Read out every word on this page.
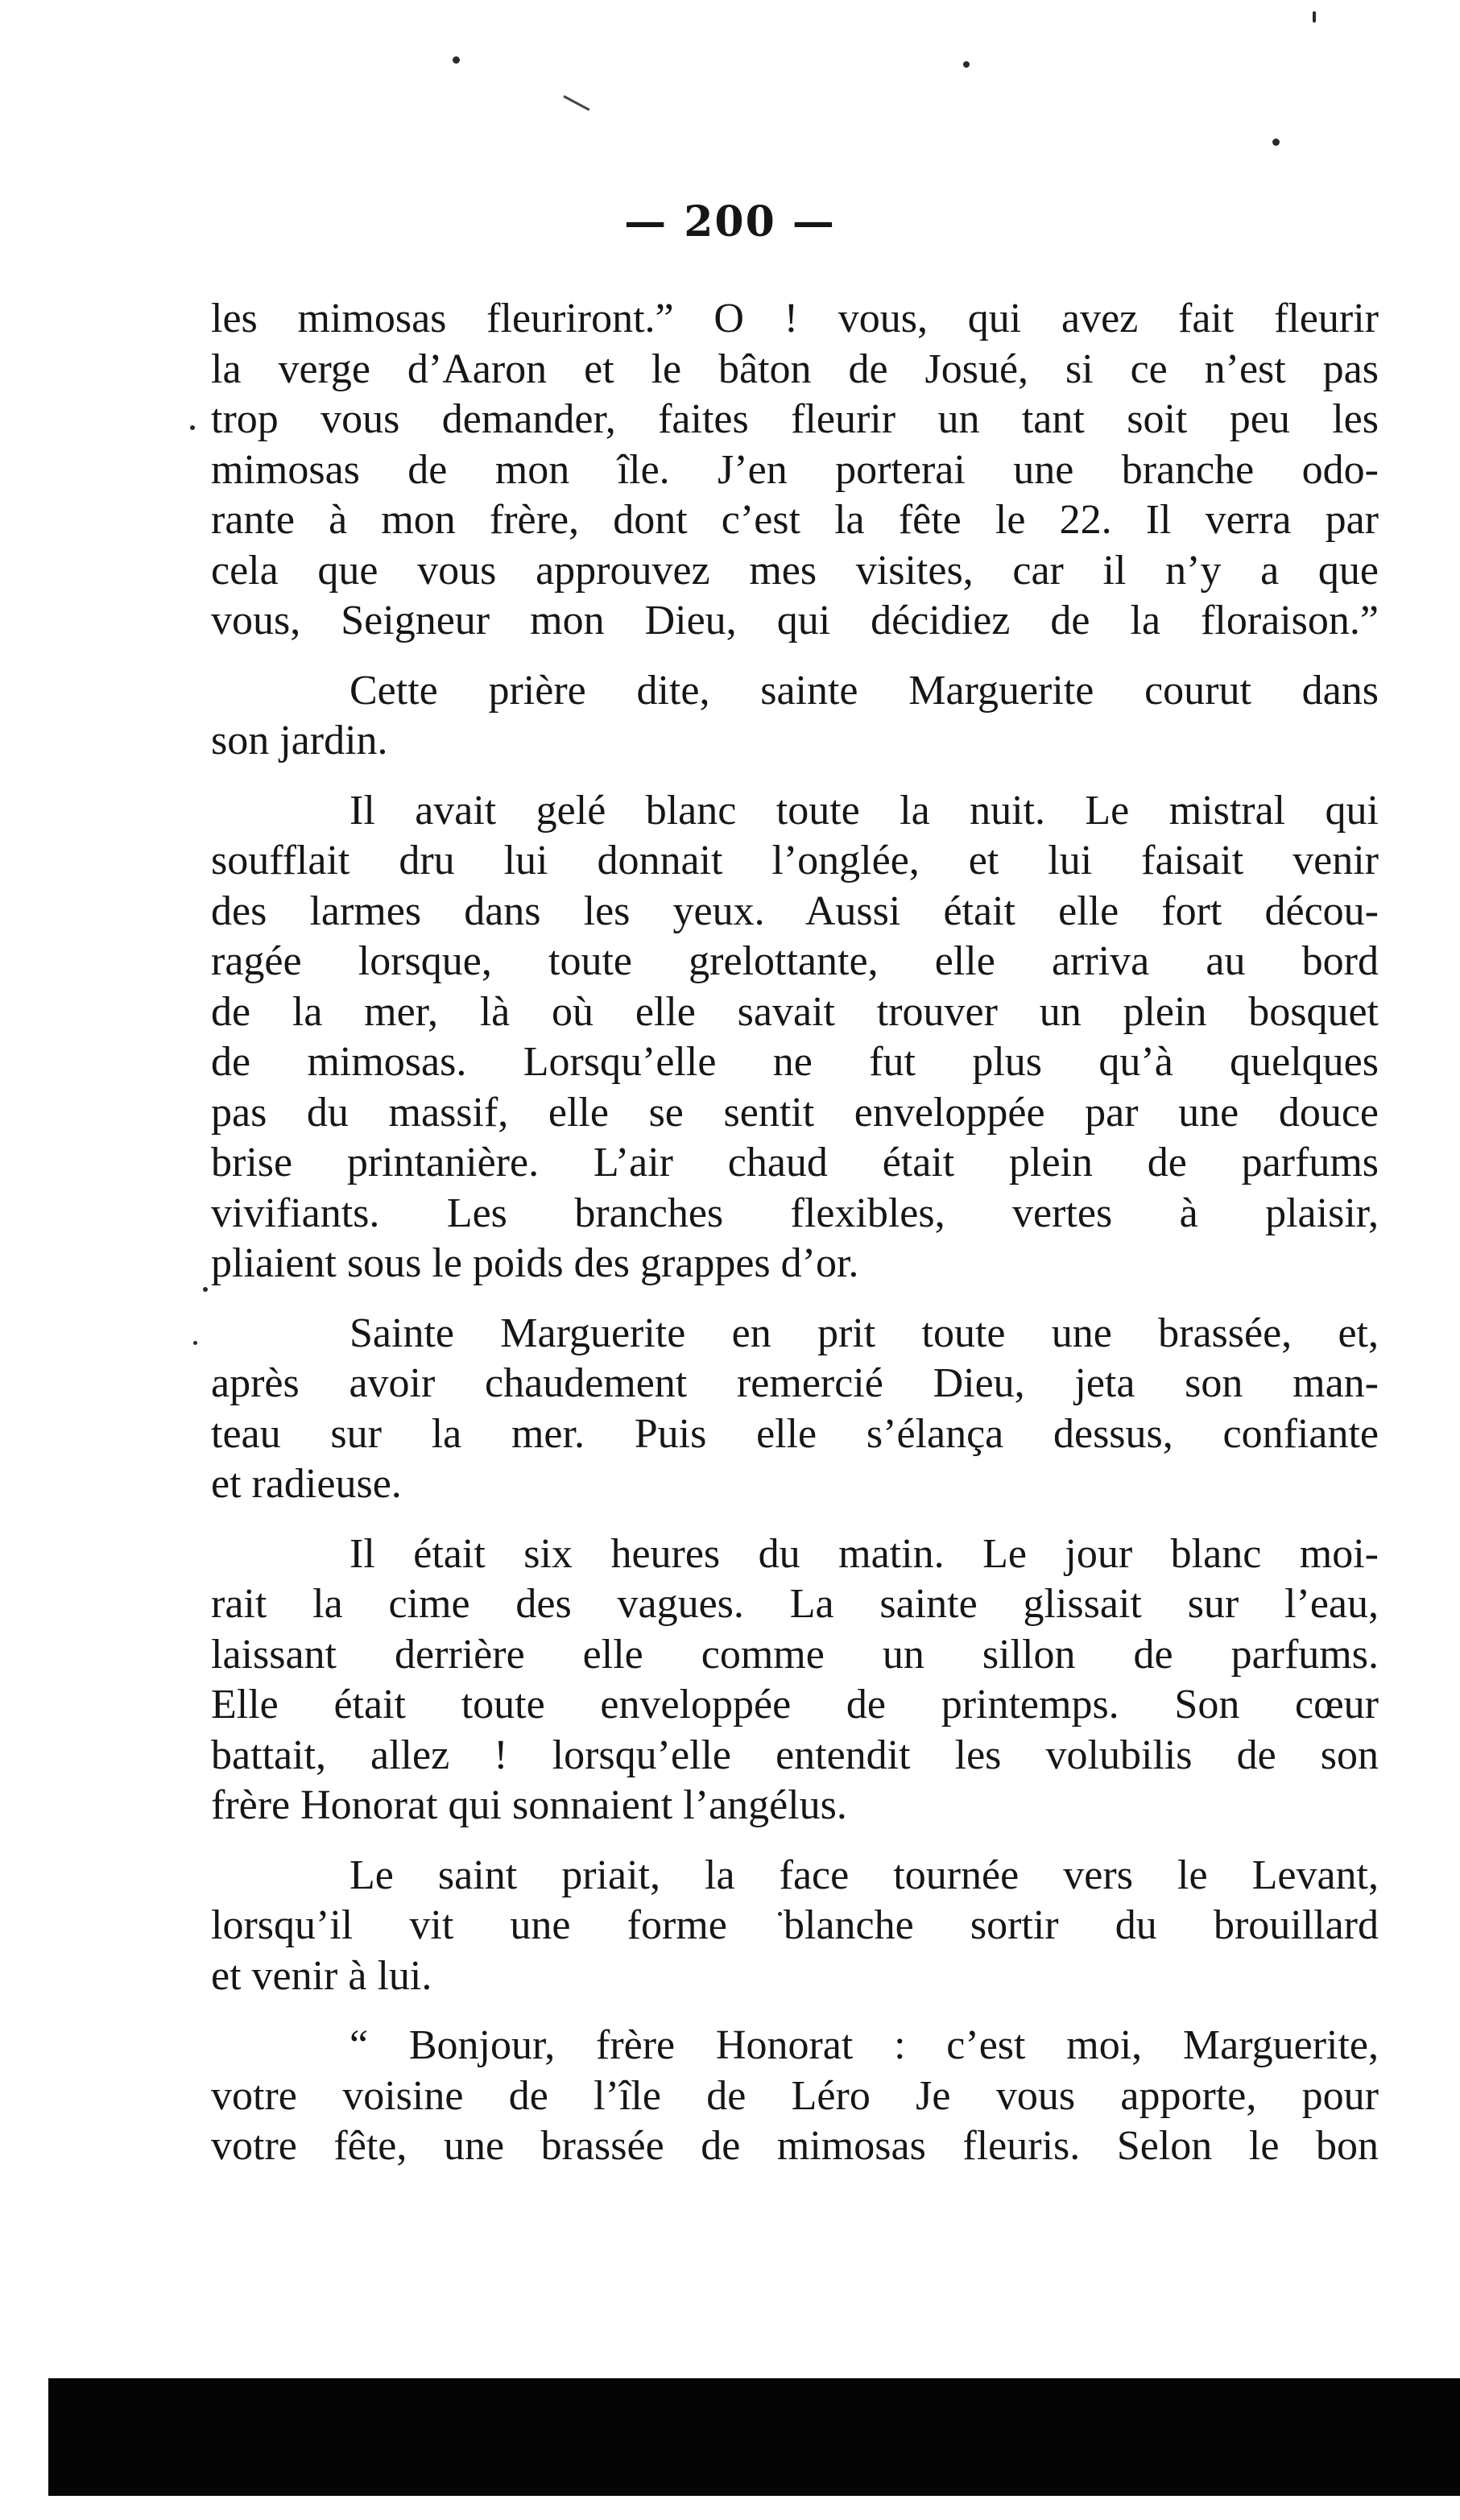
— 200 —
les mimosas fleuriront.” O ! vous, qui avez fait fleurir
la verge d’Aaron et le bâton de Josué, si ce n’est pas
trop vous demander, faites fleurir un tant soit peu les
mimosas de mon île. J’en porterai une branche odo-
rante à mon frère, dont c’est la fête le 22. Il verra par
cela que vous approuvez mes visites, car il n’y a que
vous, Seigneur mon Dieu, qui décidiez de la floraison.”
Cette prière dite, sainte Marguerite courut dans
son jardin.
Il avait gelé blanc toute la nuit. Le mistral qui
soufflait dru lui donnait l’onglée, et lui faisait venir
des larmes dans les yeux. Aussi était elle fort décou-
ragée lorsque, toute grelottante, elle arriva au bord
de la mer, là où elle savait trouver un plein bosquet
de mimosas. Lorsqu’elle ne fut plus qu’à quelques
pas du massif, elle se sentit enveloppée par une douce
brise printanière. L’air chaud était plein de parfums
vivifiants. Les branches flexibles, vertes à plaisir,
pliaient sous le poids des grappes d’or.
Sainte Marguerite en prit toute une brassée, et,
après avoir chaudement remercié Dieu, jeta son man-
teau sur la mer. Puis elle s’élança dessus, confiante
et radieuse.
Il était six heures du matin. Le jour blanc moi-
rait la cime des vagues. La sainte glissait sur l’eau,
laissant derrière elle comme un sillon de parfums.
Elle était toute enveloppée de printemps. Son cœur
battait, allez ! lorsqu’elle entendit les volubilis de son
frère Honorat qui sonnaient l’angélus.
Le saint priait, la face tournée vers le Levant,
lorsqu’il vit une forme blanche sortir du brouillard
et venir à lui.
“ Bonjour, frère Honorat : c’est moi, Marguerite,
votre voisine de l’île de Léro Je vous apporte, pour
votre fête, une brassée de mimosas fleuris. Selon le bon
